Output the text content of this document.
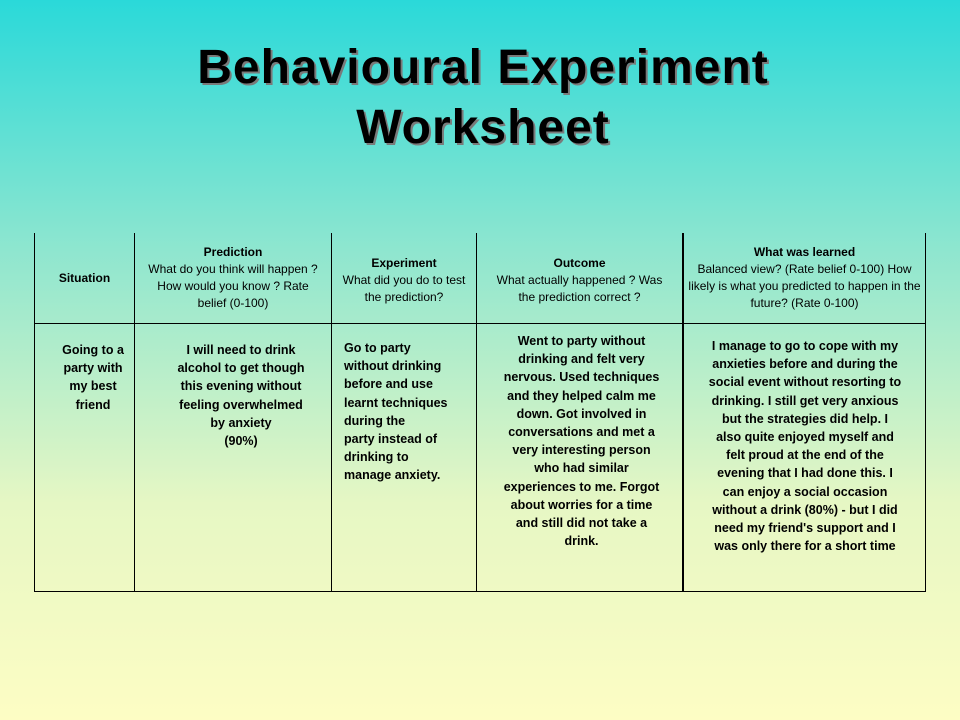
Behavioural Experiment
Worksheet
Situation
Prediction
What do you think will happen ? How would you know ? Rate belief (0-100)
Experiment
What did you do to test the prediction?
Outcome
What actually happened ? Was the prediction correct ?
What was learned
Balanced view? (Rate belief 0-100) How likely is what you predicted to happen in the future? (Rate 0-100)
Going to a
party with
my best
friend
I will need to drink
alcohol to get though
this evening without
feeling overwhelmed
by anxiety
(90%)
Go to party
without drinking
before and use
learnt techniques
during the
party instead of
drinking to
manage anxiety.
Went to party without
drinking and felt very
nervous. Used techniques
and they helped calm me
down. Got involved in
conversations and met a
very interesting person
who had similar
experiences to me. Forgot
about worries for a time
and still did not take a
drink.
I manage to go to cope with my
anxieties before and during the
social event without resorting to
drinking. I still get very anxious
but the strategies did help. I
also quite enjoyed myself and
felt proud at the end of the
evening that I had done this. I
can enjoy a social occasion
without a drink (80%) - but I did
need my friend's support and I
was only there for a short time
